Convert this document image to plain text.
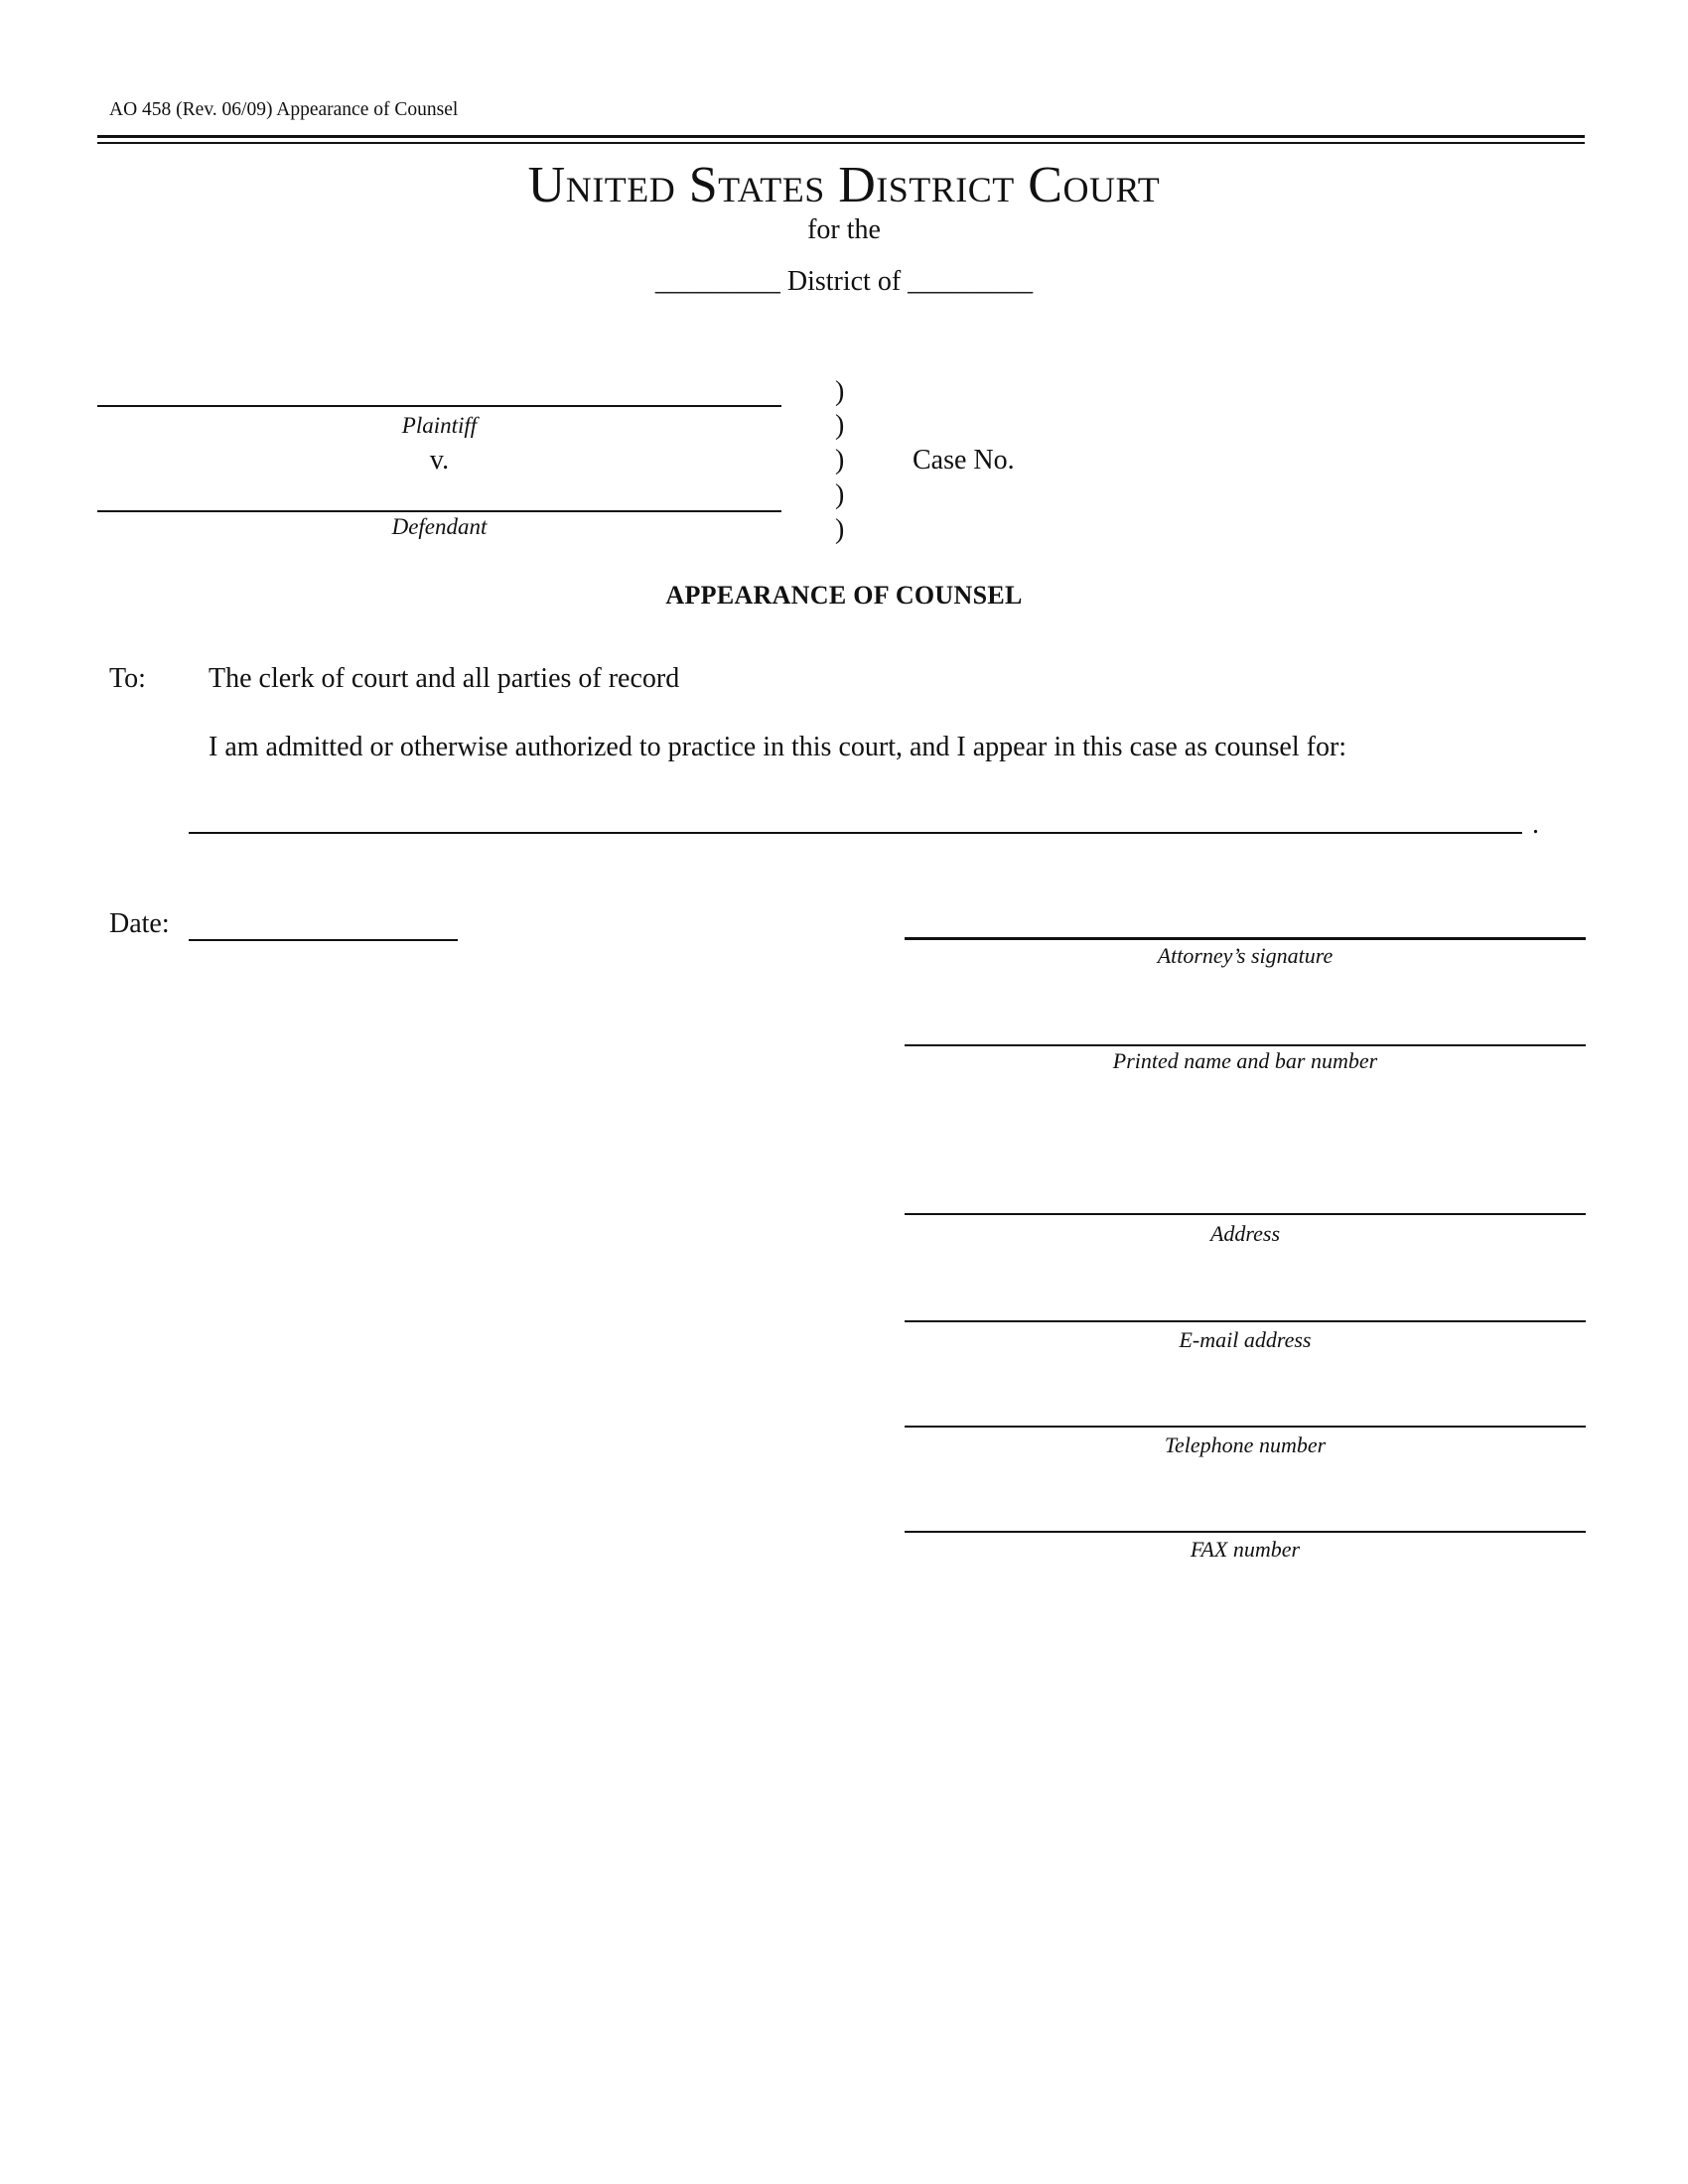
AO 458 (Rev. 06/09) Appearance of Counsel
United States District Court
for the
_________ District of _________
Plaintiff
v.
Defendant
)
)
)
)
)
Case No.
APPEARANCE OF COUNSEL
To: The clerk of court and all parties of record
I am admitted or otherwise authorized to practice in this court, and I appear in this case as counsel for:
.
Date:
Attorney’s signature
Printed name and bar number
Address
E-mail address
Telephone number
FAX number
